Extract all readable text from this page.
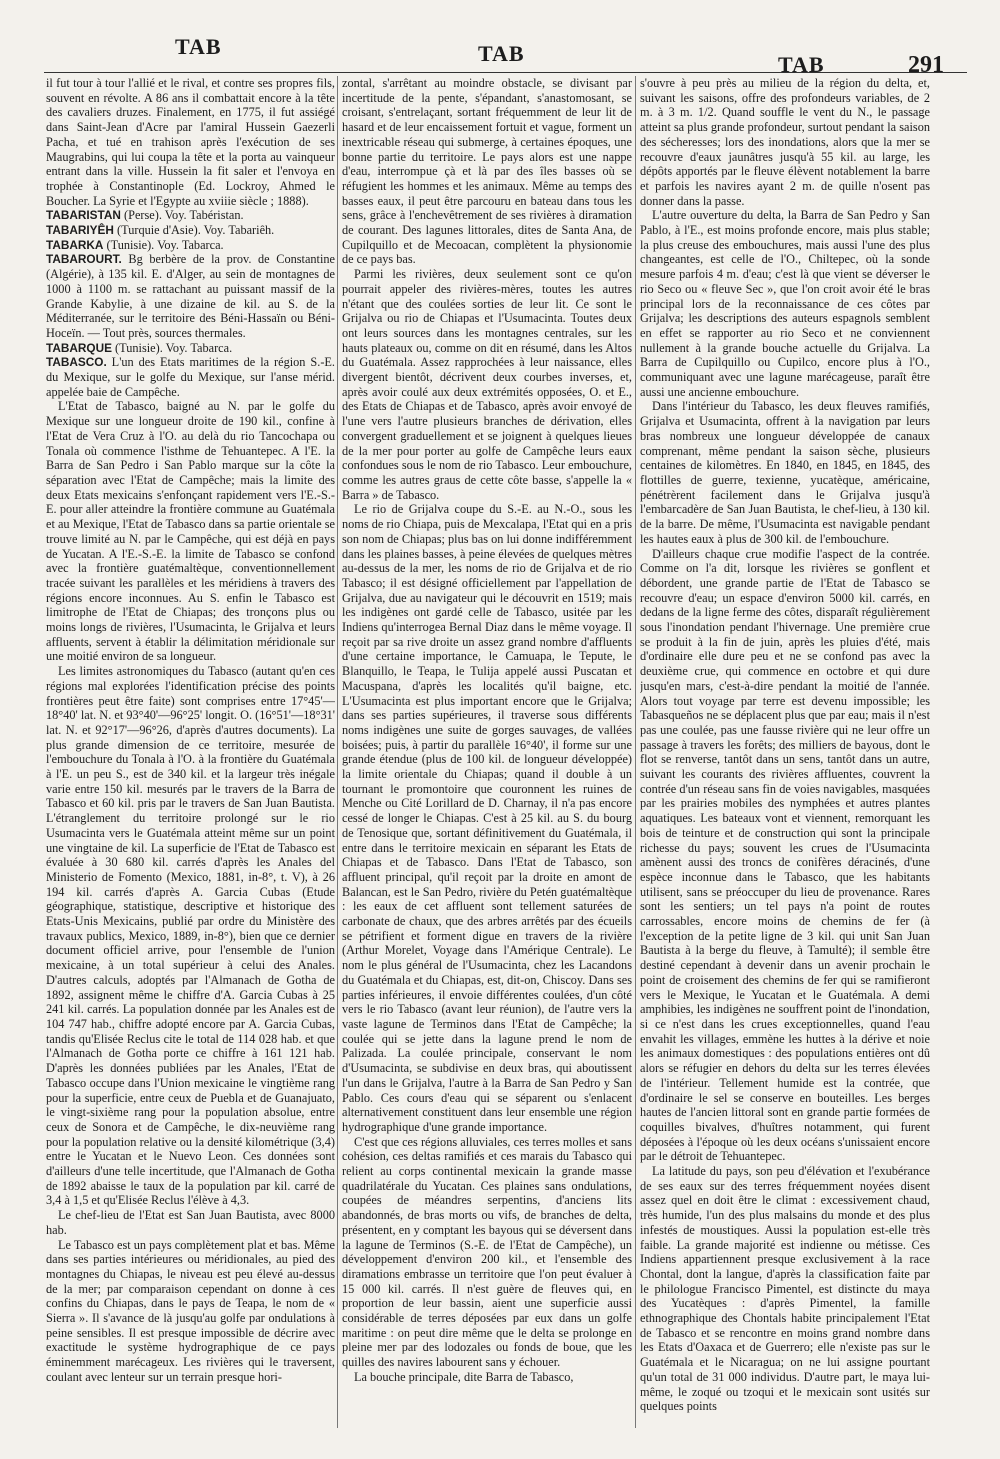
TAB	TAB	TAB	291

il fut tour à tour l'allié et le rival, et contre ses propres fils, souvent en révolte. A 86 ans il combattait encore à la tête des cavaliers druzes. Finalement, en 1775, il fut assiégé dans Saint-Jean d'Acre par l'amiral Hussein Gaezerli Pacha, et tué en trahison après l'exécution de ses Maugrabins, qui lui coupa la tête et la porta au vainqueur entrant dans la ville. Hussein la fit saler et l'envoya en trophée à Constantinople (Ed. Lockroy, Ahmed le Boucher. La Syrie et l'Egypte au xviiie siècle ; 1888).

TABARISTAN (Perse). Voy. Tabéristan.

TABARIYÊH (Turquie d'Asie). Voy. Tabariêh.

TABARKA (Tunisie). Voy. Tabarca.

TABAROURT. Bg berbère de la prov. de Constantine (Algérie), à 135 kil. E. d'Alger, au sein de montagnes de 1000 à 1100 m. se rattachant au puissant massif de la Grande Kabylie, à une dizaine de kil. au S. de la Méditerranée, sur le territoire des Béni-Hassaïn ou Béni-Hoceïn. — Tout près, sources thermales.

TABARQUE (Tunisie). Voy. Tabarca.

TABASCO. L'un des Etats maritimes de la région S.-E. du Mexique, sur le golfe du Mexique, sur l'anse mérid. appelée baie de Campêche.

L'Etat de Tabasco, baigné au N. par le golfe du Mexique sur une longueur droite de 190 kil., confine à l'Etat de Vera Cruz à l'O. au delà du rio Tancochapa ou Tonala où commence l'isthme de Tehuantepec. A l'E. la Barra de San Pedro i San Pablo marque sur la côte la séparation avec l'Etat de Campêche; mais la limite des deux Etats mexicains s'enfonçant rapidement vers l'E.-S.-E. pour aller atteindre la frontière commune au Guatémala et au Mexique, l'Etat de Tabasco dans sa partie orientale se trouve limité au N. par le Campêche, qui est déjà en pays de Yucatan. A l'E.-S.-E. la limite de Tabasco se confond avec la frontière guatémaltèque, conventionnellement tracée suivant les parallèles et les méridiens à travers des régions encore inconnues. Au S. enfin le Tabasco est limitrophe de l'Etat de Chiapas; des tronçons plus ou moins longs de rivières, l'Usumacinta, le Grijalva et leurs affluents, servent à établir la délimitation méridionale sur une moitié environ de sa longueur.

Les limites astronomiques du Tabasco (autant qu'en ces régions mal explorées l'identification précise des points frontières peut être faite) sont comprises entre 17°45'—18°40' lat. N. et 93°40'—96°25' longit. O. (16°51'—18°31' lat. N. et 92°17'—96°26, d'après d'autres documents). La plus grande dimension de ce territoire, mesurée de l'embouchure du Tonala à l'O. à la frontière du Guatémala à l'E. un peu S., est de 340 kil. et la largeur très inégale varie entre 150 kil. mesurés par le travers de la Barra de Tabasco et 60 kil. pris par le travers de San Juan Bautista. L'étranglement du territoire prolongé sur le rio Usumacinta vers le Guatémala atteint même sur un point une vingtaine de kil. La superficie de l'Etat de Tabasco est évaluée à 30 680 kil. carrés d'après les Anales del Ministerio de Fomento (Mexico, 1881, in-8°, t. V), à 26 194 kil. carrés d'après A. Garcia Cubas (Etude géographique, statistique, descriptive et historique des Etats-Unis Mexicains, publié par ordre du Ministère des travaux publics, Mexico, 1889, in-8°), bien que ce dernier document officiel arrive, pour l'ensemble de l'union mexicaine, à un total supérieur à celui des Anales. D'autres calculs, adoptés par l'Almanach de Gotha de 1892, assignent même le chiffre d'A. Garcia Cubas à 25 241 kil. carrés. La population donnée par les Anales est de 104 747 hab., chiffre adopté encore par A. Garcia Cubas, tandis qu'Elisée Reclus cite le total de 114 028 hab. et que l'Almanach de Gotha porte ce chiffre à 161 121 hab. D'après les données publiées par les Anales, l'Etat de Tabasco occupe dans l'Union mexicaine le vingtième rang pour la superficie, entre ceux de Puebla et de Guanajuato, le vingt-sixième rang pour la population absolue, entre ceux de Sonora et de Campêche, le dix-neuvième rang pour la population relative ou la densité kilométrique (3,4) entre le Yucatan et le Nuevo Leon. Ces données sont d'ailleurs d'une telle incertitude, que l'Almanach de Gotha de 1892 abaisse le taux de la population par kil. carré de 3,4 à 1,5 et qu'Elisée Reclus l'élève à 4,3.

Le chef-lieu de l'Etat est San Juan Bautista, avec 8000 hab.

Le Tabasco est un pays complètement plat et bas. Même dans ses parties intérieures ou méridionales, au pied des montagnes du Chiapas, le niveau est peu élevé au-dessus de la mer; par comparaison cependant on donne à ces confins du Chiapas, dans le pays de Teapa, le nom de « Sierra ». Il s'avance de là jusqu'au golfe par ondulations à peine sensibles. Il est presque impossible de décrire avec exactitude le système hydrographique de ce pays éminemment marécageux. Les rivières qui le traversent, coulant avec lenteur sur un terrain presque hori-

zontal, s'arrêtant au moindre obstacle, se divisant par incertitude de la pente, s'épandant, s'anastomosant, se croisant, s'entrelaçant, sortant fréquemment de leur lit de hasard et de leur encaissement fortuit et vague, forment un inextricable réseau qui submerge, à certaines époques, une bonne partie du territoire. Le pays alors est une nappe d'eau, interrompue çà et là par des îles basses où se réfugient les hommes et les animaux. Même au temps des basses eaux, il peut être parcouru en bateau dans tous les sens, grâce à l'enchevêtrement de ses rivières à diramation de courant. Des lagunes littorales, dites de Santa Ana, de Cupilquillo et de Mecoacan, complètent la physionomie de ce pays bas.

Parmi les rivières, deux seulement sont ce qu'on pourrait appeler des rivières-mères, toutes les autres n'étant que des coulées sorties de leur lit. Ce sont le Grijalva ou rio de Chiapas et l'Usumacinta. Toutes deux ont leurs sources dans les montagnes centrales, sur les hauts plateaux ou, comme on dit en résumé, dans les Altos du Guatémala. Assez rapprochées à leur naissance, elles divergent bientôt, décrivent deux courbes inverses, et, après avoir coulé aux deux extrémités opposées, O. et E., des Etats de Chiapas et de Tabasco, après avoir envoyé de l'une vers l'autre plusieurs branches de dérivation, elles convergent graduellement et se joignent à quelques lieues de la mer pour porter au golfe de Campêche leurs eaux confondues sous le nom de rio Tabasco. Leur embouchure, comme les autres graus de cette côte basse, s'appelle la « Barra » de Tabasco.

Le rio de Grijalva coupe du S.-E. au N.-O., sous les noms de rio Chiapa, puis de Mexcalapa, l'Etat qui en a pris son nom de Chiapas; plus bas on lui donne indifféremment dans les plaines basses, à peine élevées de quelques mètres au-dessus de la mer, les noms de rio de Grijalva et de rio Tabasco; il est désigné officiellement par l'appellation de Grijalva, due au navigateur qui le découvrit en 1519; mais les indigènes ont gardé celle de Tabasco, usitée par les Indiens qu'interrogea Bernal Diaz dans le même voyage. Il reçoit par sa rive droite un assez grand nombre d'affluents d'une certaine importance, le Camuapa, le Tepute, le Blanquillo, le Teapa, le Tulija appelé aussi Puscatan et Macuspana, d'après les localités qu'il baigne, etc. L'Usumacinta est plus important encore que le Grijalva; dans ses parties supérieures, il traverse sous différents noms indigènes une suite de gorges sauvages, de vallées boisées; puis, à partir du parallèle 16°40', il forme sur une grande étendue (plus de 100 kil. de longueur développée) la limite orientale du Chiapas; quand il double à un tournant le promontoire que couronnent les ruines de Menche ou Cité Lorillard de D. Charnay, il n'a pas encore cessé de longer le Chiapas. C'est à 25 kil. au S. du bourg de Tenosique que, sortant définitivement du Guatémala, il entre dans le territoire mexicain en séparant les Etats de Chiapas et de Tabasco. Dans l'Etat de Tabasco, son affluent principal, qu'il reçoit par la droite en amont de Balancan, est le San Pedro, rivière du Petén guatémaltèque : les eaux de cet affluent sont tellement saturées de carbonate de chaux, que des arbres arrêtés par des écueils se pétrifient et forment digue en travers de la rivière (Arthur Morelet, Voyage dans l'Amérique Centrale). Le nom le plus général de l'Usumacinta, chez les Lacandons du Guatémala et du Chiapas, est, dit-on, Chiscoy. Dans ses parties inférieures, il envoie différentes coulées, d'un côté vers le rio Tabasco (avant leur réunion), de l'autre vers la vaste lagune de Terminos dans l'Etat de Campêche; la coulée qui se jette dans la lagune prend le nom de Palizada. La coulée principale, conservant le nom d'Usumacinta, se subdivise en deux bras, qui aboutissent l'un dans le Grijalva, l'autre à la Barra de San Pedro y San Pablo. Ces cours d'eau qui se séparent ou s'enlacent alternativement constituent dans leur ensemble une région hydrographique d'une grande importance.

C'est que ces régions alluviales, ces terres molles et sans cohésion, ces deltas ramifiés et ces marais du Tabasco qui relient au corps continental mexicain la grande masse quadrilatérale du Yucatan. Ces plaines sans ondulations, coupées de méandres serpentins, d'anciens lits abandonnés, de bras morts ou vifs, de branches de delta, présentent, en y comptant les bayous qui se déversent dans la lagune de Terminos (S.-E. de l'Etat de Campêche), un développement d'environ 200 kil., et l'ensemble des diramations embrasse un territoire que l'on peut évaluer à 15 000 kil. carrés. Il n'est guère de fleuves qui, en proportion de leur bassin, aient une superficie aussi considérable de terres déposées par eux dans un golfe maritime : on peut dire même que le delta se prolonge en pleine mer par des lodozales ou fonds de boue, que les quilles des navires labourent sans y échouer.

La bouche principale, dite Barra de Tabasco,

s'ouvre à peu près au milieu de la région du delta, et, suivant les saisons, offre des profondeurs variables, de 2 m. à 3 m. 1/2. Quand souffle le vent du N., le passage atteint sa plus grande profondeur, surtout pendant la saison des sécheresses; lors des inondations, alors que la mer se recouvre d'eaux jaunâtres jusqu'à 55 kil. au large, les dépôts apportés par le fleuve élèvent notablement la barre et parfois les navires ayant 2 m. de quille n'osent pas donner dans la passe.

L'autre ouverture du delta, la Barra de San Pedro y San Pablo, à l'E., est moins profonde encore, mais plus stable; la plus creuse des embouchures, mais aussi l'une des plus changeantes, est celle de l'O., Chiltepec, où la sonde mesure parfois 4 m. d'eau; c'est là que vient se déverser le rio Seco ou « fleuve Sec », que l'on croit avoir été le bras principal lors de la reconnaissance de ces côtes par Grijalva; les descriptions des auteurs espagnols semblent en effet se rapporter au rio Seco et ne conviennent nullement à la grande bouche actuelle du Grijalva. La Barra de Cupilquillo ou Cupilco, encore plus à l'O., communiquant avec une lagune marécageuse, paraît être aussi une ancienne embouchure.

Dans l'intérieur du Tabasco, les deux fleuves ramifiés, Grijalva et Usumacinta, offrent à la navigation par leurs bras nombreux une longueur développée de canaux comprenant, même pendant la saison sèche, plusieurs centaines de kilomètres. En 1840, en 1845, en 1845, des flottilles de guerre, texienne, yucatèque, américaine, pénétrèrent facilement dans le Grijalva jusqu'à l'embarcadère de San Juan Bautista, le chef-lieu, à 130 kil. de la barre. De même, l'Usumacinta est navigable pendant les hautes eaux à plus de 300 kil. de l'embouchure.

D'ailleurs chaque crue modifie l'aspect de la contrée. Comme on l'a dit, lorsque les rivières se gonflent et débordent, une grande partie de l'Etat de Tabasco se recouvre d'eau; un espace d'environ 5000 kil. carrés, en dedans de la ligne ferme des côtes, disparaît régulièrement sous l'inondation pendant l'hivernage. Une première crue se produit à la fin de juin, après les pluies d'été, mais d'ordinaire elle dure peu et ne se confond pas avec la deuxième crue, qui commence en octobre et qui dure jusqu'en mars, c'est-à-dire pendant la moitié de l'année. Alors tout voyage par terre est devenu impossible; les Tabasqueños ne se déplacent plus que par eau; mais il n'est pas une coulée, pas une fausse rivière qui ne leur offre un passage à travers les forêts; des milliers de bayous, dont le flot se renverse, tantôt dans un sens, tantôt dans un autre, suivant les courants des rivières affluentes, couvrent la contrée d'un réseau sans fin de voies navigables, masquées par les prairies mobiles des nymphées et autres plantes aquatiques. Les bateaux vont et viennent, remorquant les bois de teinture et de construction qui sont la principale richesse du pays; souvent les crues de l'Usumacinta amènent aussi des troncs de conifères déracinés, d'une espèce inconnue dans le Tabasco, que les habitants utilisent, sans se préoccuper du lieu de provenance. Rares sont les sentiers; un tel pays n'a point de routes carrossables, encore moins de chemins de fer (à l'exception de la petite ligne de 3 kil. qui unit San Juan Bautista à la berge du fleuve, à Tamulté); il semble être destiné cependant à devenir dans un avenir prochain le point de croisement des chemins de fer qui se ramifieront vers le Mexique, le Yucatan et le Guatémala. A demi amphibies, les indigènes ne souffrent point de l'inondation, si ce n'est dans les crues exceptionnelles, quand l'eau envahit les villages, emmène les huttes à la dérive et noie les animaux domestiques : des populations entières ont dû alors se réfugier en dehors du delta sur les terres élevées de l'intérieur. Tellement humide est la contrée, que d'ordinaire le sel se conserve en bouteilles. Les berges hautes de l'ancien littoral sont en grande partie formées de coquilles bivalves, d'huîtres notamment, qui furent déposées à l'époque où les deux océans s'unissaient encore par le détroit de Tehuantepec.

La latitude du pays, son peu d'élévation et l'exubérance de ses eaux sur des terres fréquemment noyées disent assez quel en doit être le climat : excessivement chaud, très humide, l'un des plus malsains du monde et des plus infestés de moustiques. Aussi la population est-elle très faible. La grande majorité est indienne ou métisse. Ces Indiens appartiennent presque exclusivement à la race Chontal, dont la langue, d'après la classification faite par le philologue Francisco Pimentel, est distincte du maya des Yucatèques : d'après Pimentel, la famille ethnographique des Chontals habite principalement l'Etat de Tabasco et se rencontre en moins grand nombre dans les Etats d'Oaxaca et de Guerrero; elle n'existe pas sur le Guatémala et le Nicaragua; on ne lui assigne pourtant qu'un total de 31 000 individus. D'autre part, le maya lui-même, le zoqué ou tzoqui et le mexicain sont usités sur quelques points
